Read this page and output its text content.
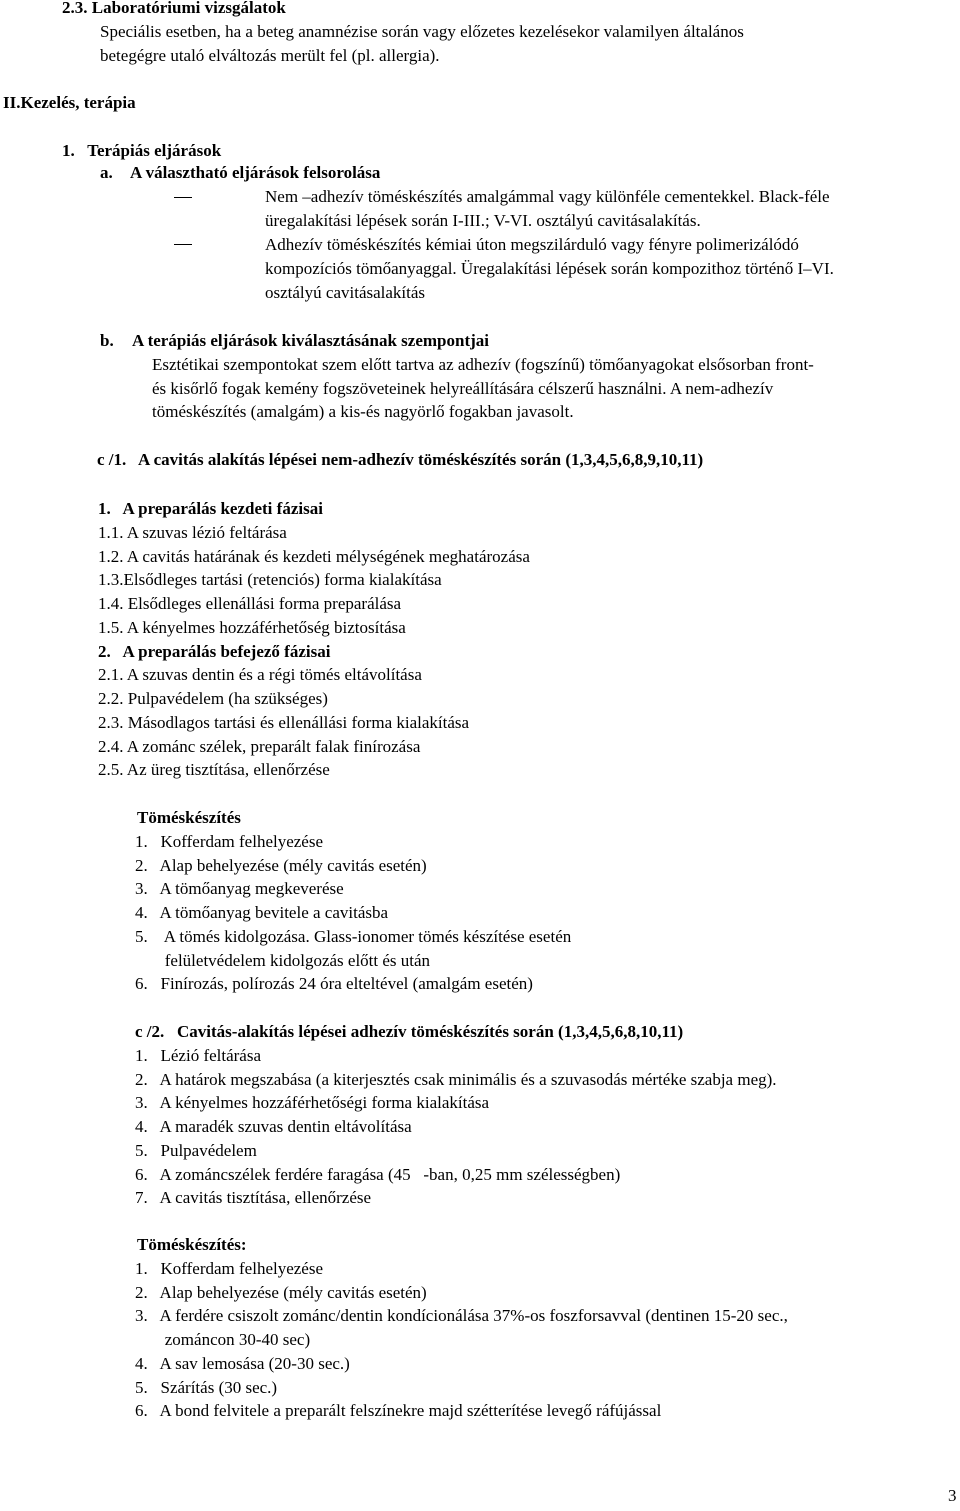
2.3. Laboratóriumi vizsgálatok
Speciális esetben, ha a beteg anamnézise során vagy előzetes kezelésekor valamilyen általános
betegégre utaló elváltozás merült fel (pl. allergia).
II.Kezelés, terápia
1.   Terápiás eljárások
a. A választható eljárások felsorolása
Nem –adhezív töméskészítés amalgámmal vagy különféle cementekkel. Black-féle
üregalakítási lépések során I-III.; V-VI. osztályú cavitásalakítás.
Adhezív töméskészítés kémiai úton megszilárduló vagy fényre polimerizálódó
kompozíciós tömőanyaggal. Üregalakítási lépések során kompozithoz történő I–VI.
osztályú cavitásalakítás
b. A terápiás eljárások kiválasztásának szempontjai
Esztétikai szempontokat szem előtt tartva az adhezív (fogszínű) tömőanyagokat elsősorban front-
és kisőrlő fogak kemény fogszöveteinek helyreállítására célszerű használni. A nem-adhezív
töméskészítés (amalgám) a kis-és nagyörlő fogakban javasolt.
c /1. A cavitás alakítás lépései nem-adhezív töméskészítés során (1,3,4,5,6,8,9,10,11)
1.   A preparálás kezdeti fázisai
1.1. A szuvas lézió feltárása
1.2. A cavitás határának és kezdeti mélységének meghatározása
1.3.Elsődleges tartási (retenciós) forma kialakítása
1.4. Elsődleges ellenállási forma preparálása
1.5. A kényelmes hozzáférhetőség biztosítása
2.   A preparálás befejező fázisai
2.1. A szuvas dentin és a régi tömés eltávolítása
2.2. Pulpavédelem (ha szükséges)
2.3. Másodlagos tartási és ellenállási forma kialakítása
2.4. A zománc szélek, preparált falak finírozása
2.5. Az üreg tisztítása, ellenőrzése
Töméskészítés
1.   Kofferdam felhelyezése
2.   Alap behelyezése (mély cavitás esetén)
3.   A tömőanyag megkeverése
4.   A tömőanyag bevitele a cavitásba
5.    A tömés kidolgozása. Glass-ionomer tömés készítése esetén
felületvédelem kidolgozás előtt és után
6.   Finírozás, polírozás 24 óra elteltével (amalgám esetén)
c /2. Cavitás-alakítás lépései adhezív töméskészítés során (1,3,4,5,6,8,10,11)
1.   Lézió feltárása
2.   A határok megszabása (a kiterjesztés csak minimális és a szuvasodás mértéke szabja meg).
3.   A kényelmes hozzáférhetőségi forma kialakítása
4.   A maradék szuvas dentin eltávolítása
5.   Pulpavédelem
6.   A zománcszélek ferdére faragása (45   -ban, 0,25 mm szélességben)
7.   A cavitás tisztítása, ellenőrzése
Töméskészítés:
1.   Kofferdam felhelyezése
2.   Alap behelyezése (mély cavitás esetén)
3.   A ferdére csiszolt zománc/dentin kondícionálása 37%-os foszforsavval (dentinen 15-20 sec.,
zománcon 30-40 sec)
4.   A sav lemosása (20-30 sec.)
5.   Szárítás (30 sec.)
6.   A bond felvitele a preparált felszínekre majd szétterítése levegő ráfújással
3
